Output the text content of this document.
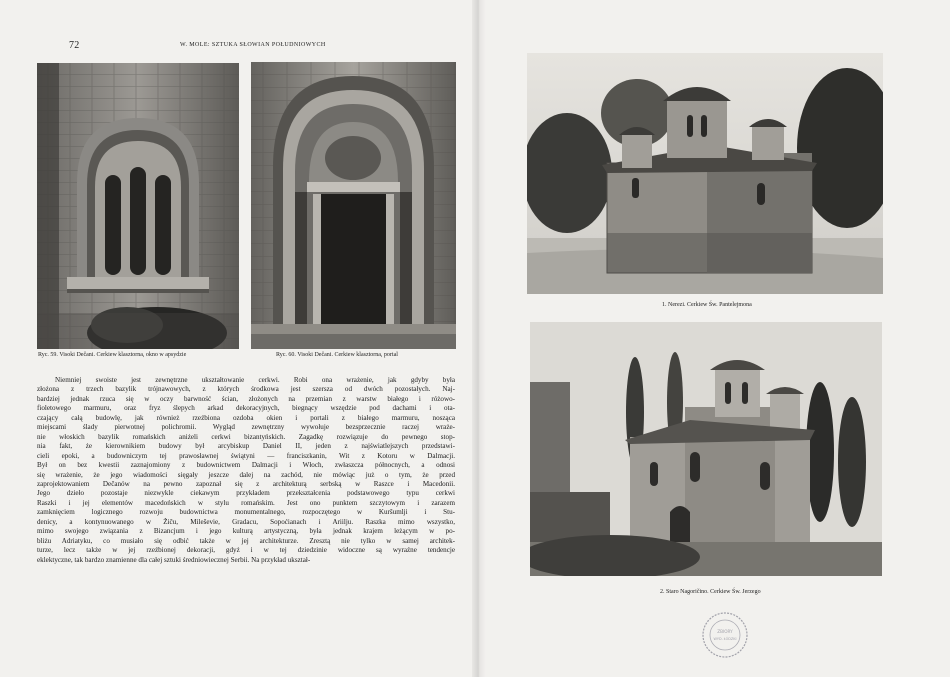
72	W. MOLE: SZTUKA SŁOWIAN POŁUDNIOWYCH
Ryc. 59. Visoki Dečani. Cerkiew klasztorna, okno w apsydzie	Ryc. 60. Visoki Dečani. Cerkiew klasztorna, portal
Niemniej swoiste jest zewnętrzne ukształtowanie cerkwi. Robi ona wrażenie, jak gdyby była
złożona z trzech bazylik trójnawowych, z których środkowa jest szersza od dwóch pozostałych. Naj-
bardziej jednak rzuca się w oczy barwność ścian, złożonych na przemian z warstw białego i różowo-
fioletowego marmuru, oraz fryz ślepych arkad dekoracyjnych, biegnący wszędzie pod dachami i ota-
czający całą budowlę, jak również rzeźbiona ozdoba okien i portali z białego marmuru, nosząca
miejscami ślady pierwotnej polichromii. Wygląd zewnętrzny wywołuje bezsprzecznie raczej wraże-
nie włoskich bazylik romańskich aniżeli cerkwi bizantyńskich. Zagadkę rozwiązuje do pewnego stop-
nia fakt, że kierownikiem budowy był arcybiskup Daniel II, jeden z najświatlejszych przedstawi-
cieli epoki, a budowniczym tej prawosławnej świątyni — franciszkanin, Wit z Kotoru w Dalmacji.
Był on bez kwestii zaznajomiony z budownictwem Dalmacji i Włoch, zwłaszcza północnych, a odnosi
się wrażenie, że jego wiadomości sięgały jeszcze dalej na zachód, nie mówiąc już o tym, że przed
zaprojektowaniem Dečanów na pewno zapoznał się z architekturą serbską w Raszce i Macedonii.
Jego dzieło pozostaje niezwykle ciekawym przykładem przekształcenia podstawowego typu cerkwi
Raszki i jej elementów macedońskich w stylu romańskim. Jest ono punktem szczytowym i zarazem
zamknięciem logicznego rozwoju budownictwa monumentalnego, rozpoczętego w Kuršumlji i Stu-
denicy, a kontynuowanego w Žiču, Mileševie, Gradacu, Sopoćianach i Ariilju. Raszka mimo wszystko,
mimo swojego związania z Bizancjum i jego kulturą artystyczną, była jednak krajem leżącym w po-
bliżu Adriatyku, co musiało się odbić także w jej architekturze. Zresztą nie tylko w samej architek-
turze, lecz także w jej rzeźbionej dekoracji, gdyż i w tej dziedzinie widoczne są wyraźne tendencje
eklektyczne, tak bardzo znamienne dla całej sztuki średniowiecznej Serbii. Na przykład ukształ-
1. Nerezi. Cerkiew Św. Pantelejmona
2. Staro Nagoričino. Cerkiew Św. Jerzego
ZBIORY
WYD. ŁÓDZKI
